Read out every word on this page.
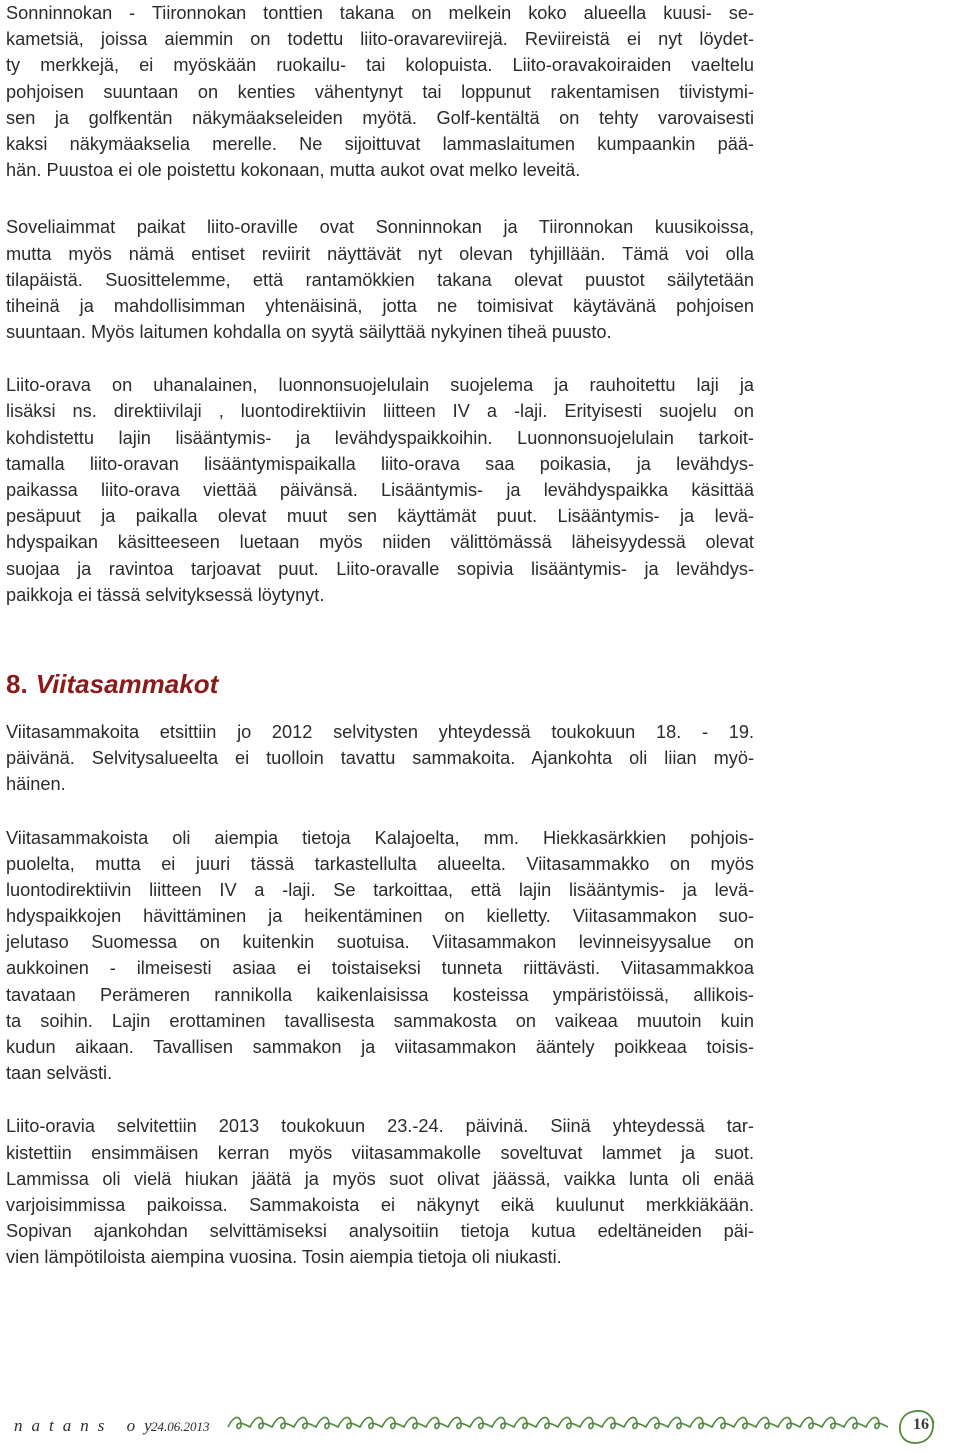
Sonninnokan - Tiironnokan tonttien takana on melkein koko alueella kuusi- se-
kametsiä, joissa aiemmin on todettu liito-oravareviirejä. Reviireistä ei nyt löydet-
ty merkkejä, ei myöskään ruokailu- tai kolopuista. Liito-oravakoiraiden vaeltelu
pohjoisen suuntaan on kenties vähentynyt tai loppunut rakentamisen tiivistymi-
sen ja golfkentän näkymäakseleiden myötä. Golf-kentältä on tehty varovaisesti
kaksi näkymäakselia merelle. Ne sijoittuvat lammaslaitumen kumpaankin pää-
hän. Puustoa ei ole poistettu kokonaan, mutta aukot ovat melko leveitä.
Soveliaimmat paikat liito-oraville ovat Sonninnokan ja Tiironnokan kuusikoissa,
mutta myös nämä entiset reviirit näyttävät nyt olevan tyhjillään. Tämä voi olla
tilapäistä. Suosittelemme, että rantamökkien takana olevat puustot säilytetään
tiheinä ja mahdollisimman yhtenäisinä, jotta ne toimisivat käytävänä pohjoisen
suuntaan. Myös laitumen kohdalla on syytä säilyttää nykyinen tiheä puusto.
Liito-orava on uhanalainen, luonnonsuojelulain suojelema ja rauhoitettu laji ja
lisäksi ns. direktiivilaji , luontodirektiivin liitteen IV a -laji. Erityisesti suojelu on
kohdistettu lajin lisääntymis- ja levähdyspaikkoihin. Luonnonsuojelulain tarkoit-
tamalla liito-oravan lisääntymispaikalla liito-orava saa poikasia, ja levähdys-
paikassa liito-orava viettää päivänsä. Lisääntymis- ja levähdyspaikka käsittää
pesäpuut ja paikalla olevat muut sen käyttämät puut. Lisääntymis- ja levä-
hdyspaikan käsitteeseen luetaan myös niiden välittömässä läheisyydessä olevat
suojaa ja ravintoa tarjoavat puut. Liito-oravalle sopivia lisääntymis- ja levähdys-
paikkoja ei tässä selvityksessä löytynyt.
8. Viitasammakot
Viitasammakoita etsittiin jo 2012 selvitysten yhteydessä toukokuun 18. - 19.
päivänä. Selvitysalueelta ei tuolloin tavattu sammakoita. Ajankohta oli liian myö-
häinen.
Viitasammakoista oli aiempia tietoja Kalajoelta, mm. Hiekkasärkkien pohjois-
puolelta, mutta ei juuri tässä tarkastellulta alueelta. Viitasammakko on myös
luontodirektiivin liitteen IV a -laji. Se tarkoittaa, että lajin lisääntymis- ja levä-
hdyspaikkojen hävittäminen ja heikentäminen on kielletty. Viitasammakon suo-
jelutaso Suomessa on kuitenkin suotuisa. Viitasammakon levinneisyysalue on
aukkoinen - ilmeisesti asiaa ei toistaiseksi tunneta riittävästi. Viitasammakkoa
tavataan Perämeren rannikolla kaikenlaisissa kosteissa ympäristöissä, allikois-
ta soihin. Lajin erottaminen tavallisesta sammakosta on vaikeaa muutoin kuin
kudun aikaan. Tavallisen sammakon ja viitasammakon ääntely poikkeaa toisis-
taan selvästi.
Liito-oravia selvitettiin 2013 toukokuun 23.-24. päivinä. Siinä yhteydessä tar-
kistettiin ensimmäisen kerran myös viitasammakolle soveltuvat lammet ja suot.
Lammissa oli vielä hiukan jäätä ja myös suot olivat jäässä, vaikka lunta oli enää
varjoisimmissa paikoissa. Sammakoista ei näkynyt eikä kuulunut merkkiäkään.
Sopivan ajankohdan selvittämiseksi analysoitiin tietoja kutua edeltäneiden päi-
vien lämpötiloista aiempina vuosina. Tosin aiempia tietoja oli niukasti.
natans oy
24.06.2013	16
